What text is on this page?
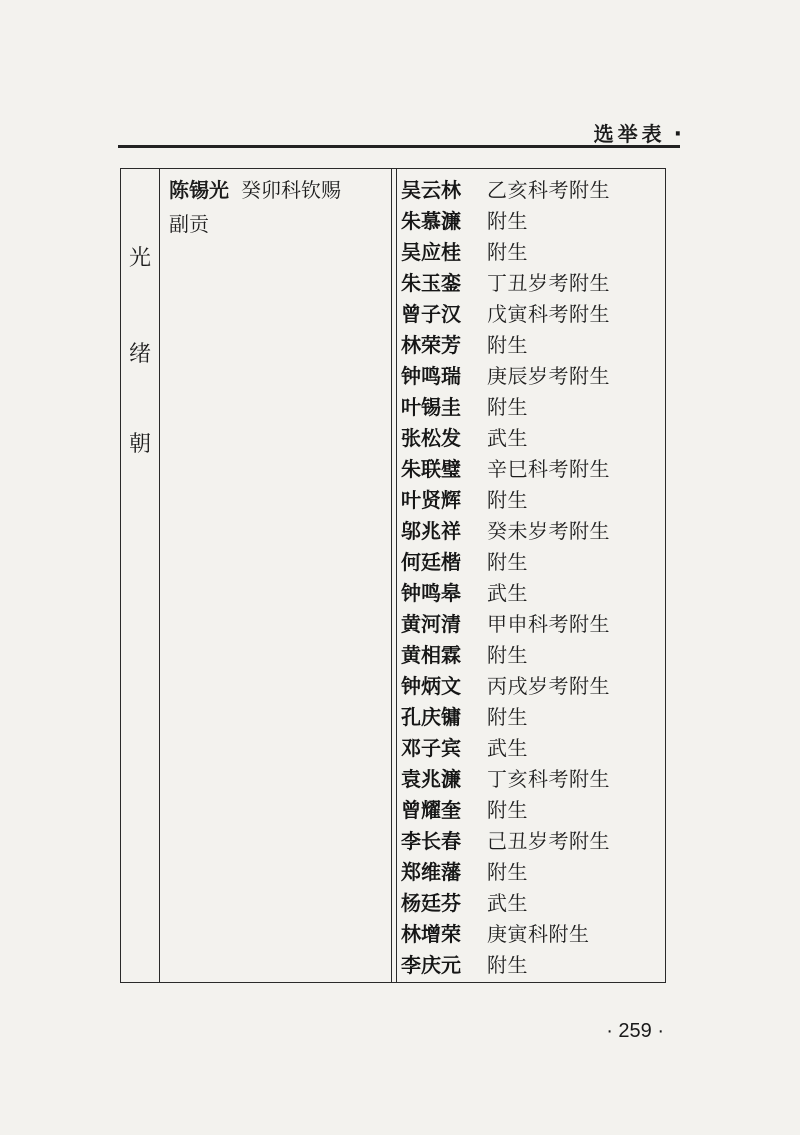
选举表 ·
光
绪
朝
陈锡光 癸卯科钦赐
副贡
吴云林	乙亥科考附生
朱慕濂	附生
吴应桂	附生
朱玉銮	丁丑岁考附生
曾子汉	戊寅科考附生
林荣芳	附生
钟鸣瑞	庚辰岁考附生
叶锡圭	附生
张松发	武生
朱联璧	辛巳科考附生
叶贤辉	附生
邬兆祥	癸未岁考附生
何廷楷	附生
钟鸣皋	武生
黄河清	甲申科考附生
黄相霖	附生
钟炳文	丙戌岁考附生
孔庆镛	附生
邓子宾	武生
袁兆濂	丁亥科考附生
曾耀奎	附生
李长春	己丑岁考附生
郑维藩	附生
杨廷芬	武生
林增荣	庚寅科附生
李庆元	附生
· 259 ·
